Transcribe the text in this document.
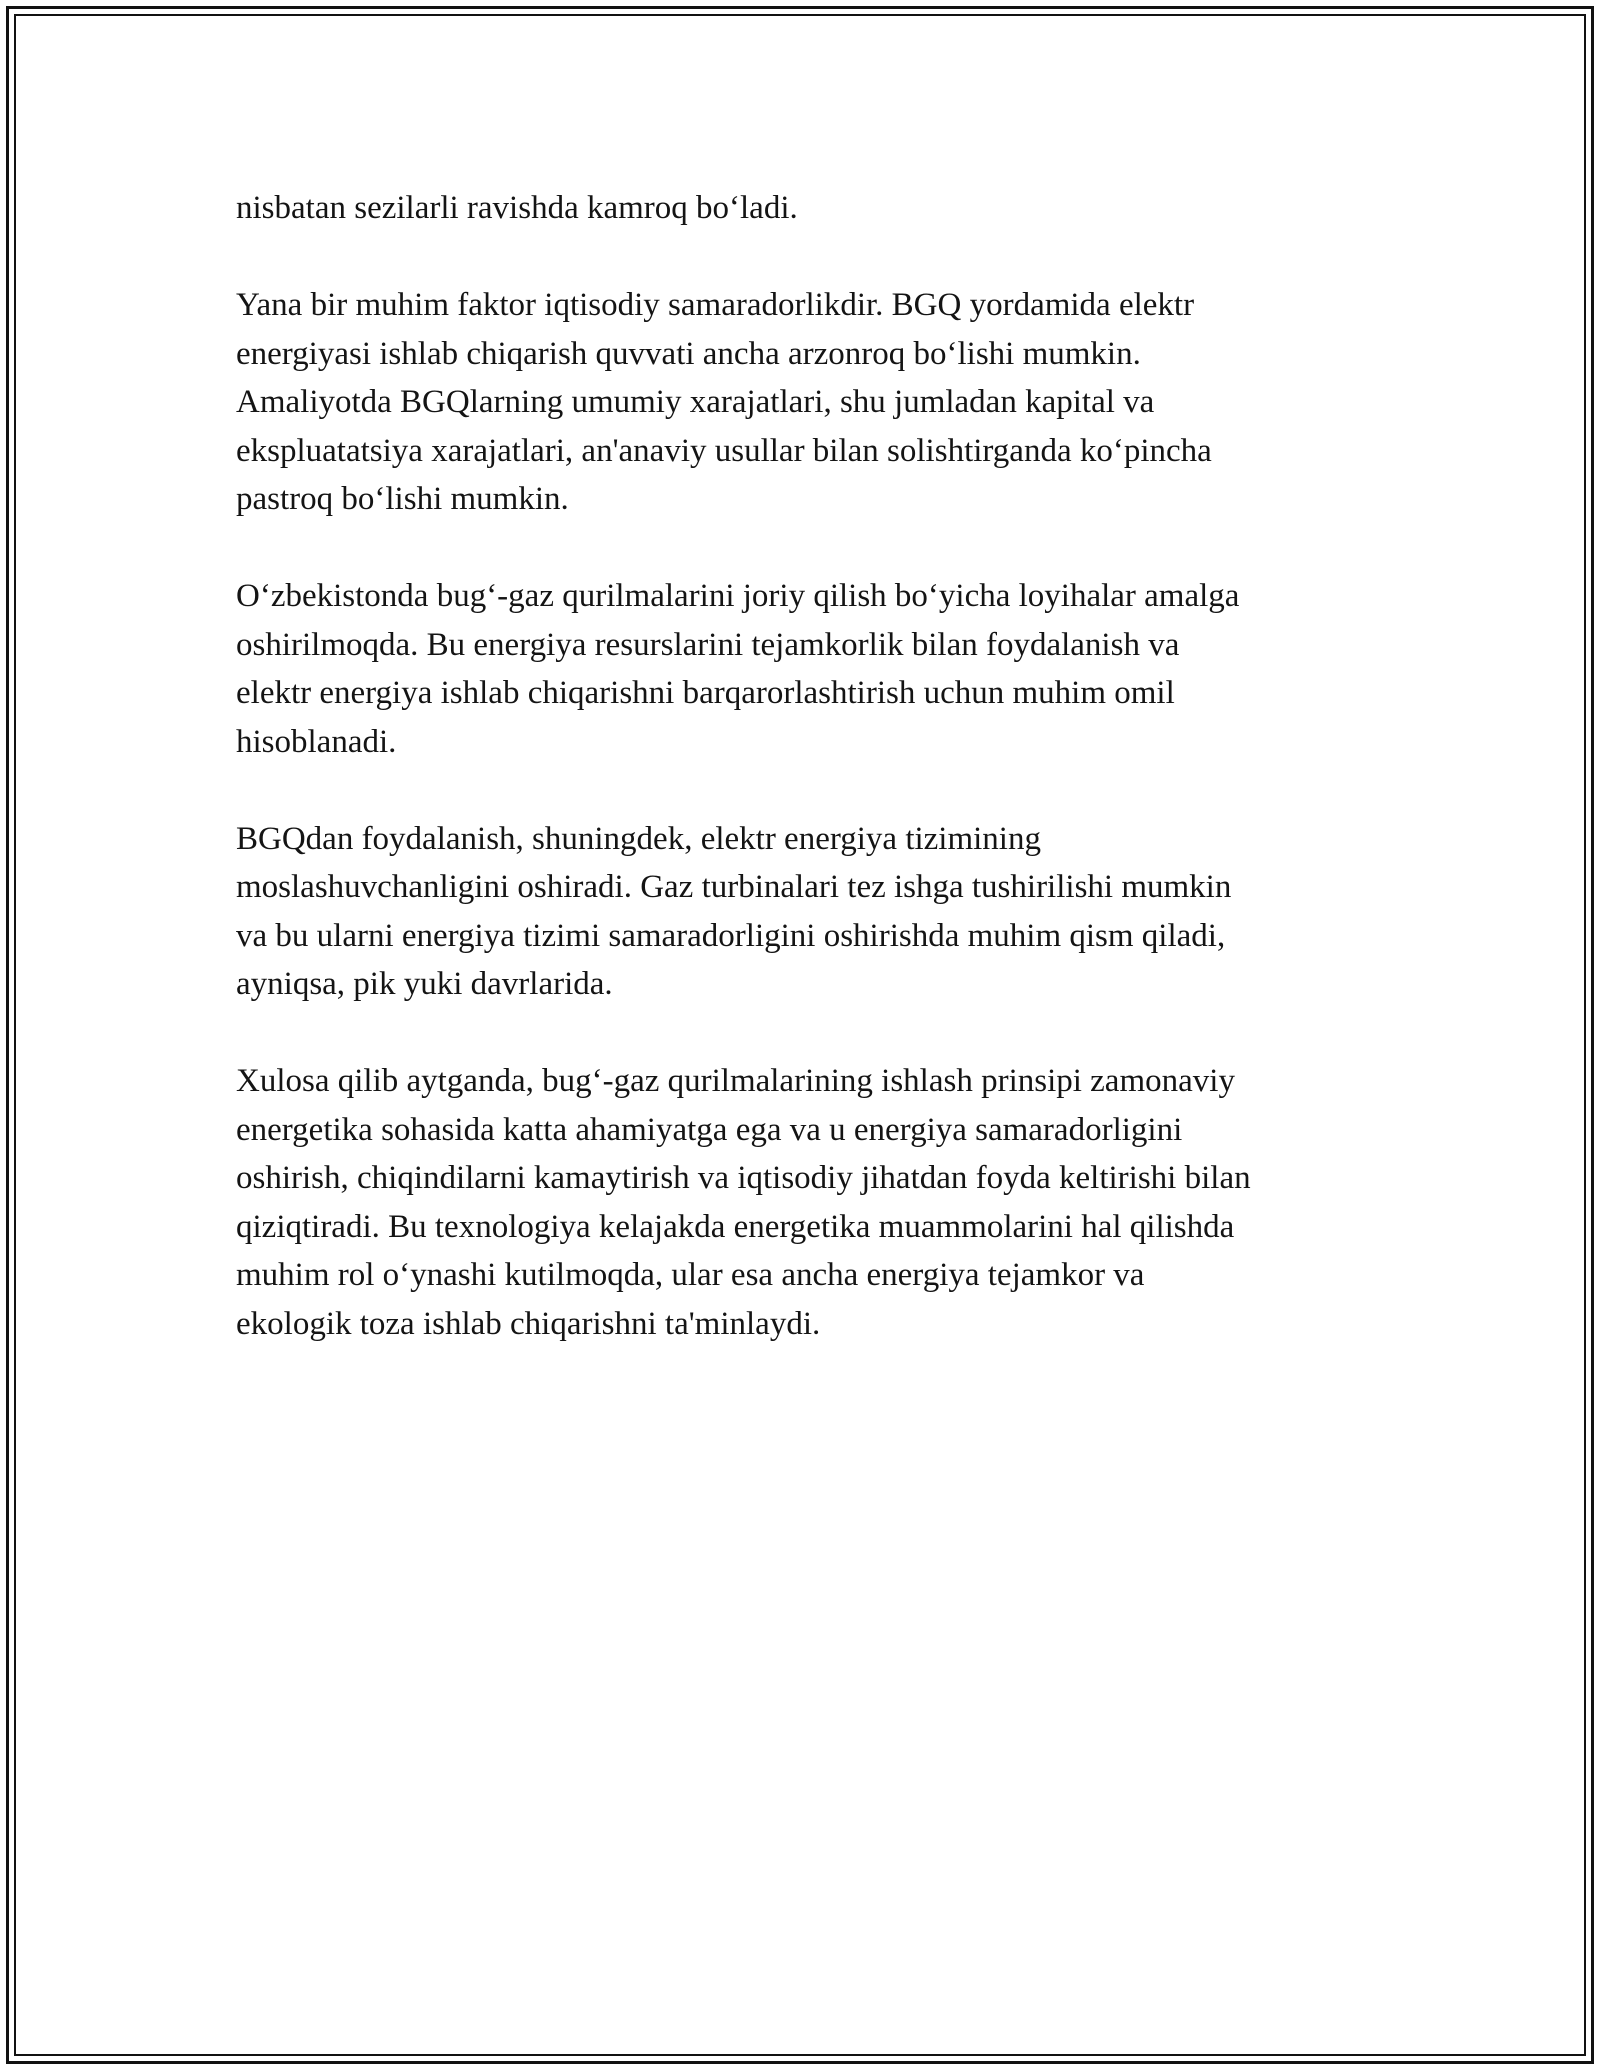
nisbatan sezilarli ravishda kamroq bo‘ladi.

Yana bir muhim faktor iqtisodiy samaradorlikdir. BGQ yordamida elektr
energiyasi ishlab chiqarish quvvati ancha arzonroq bo‘lishi mumkin.
Amaliyotda BGQlarning umumiy xarajatlari, shu jumladan kapital va
ekspluatatsiya xarajatlari, an'anaviy usullar bilan solishtirganda ko‘pincha
pastroq bo‘lishi mumkin.

O‘zbekistonda bug‘-gaz qurilmalarini joriy qilish bo‘yicha loyihalar amalga
oshirilmoqda. Bu energiya resurslarini tejamkorlik bilan foydalanish va
elektr energiya ishlab chiqarishni barqarorlashtirish uchun muhim omil
hisoblanadi.

BGQdan foydalanish, shuningdek, elektr energiya tizimining
moslashuvchanligini oshiradi. Gaz turbinalari tez ishga tushirilishi mumkin
va bu ularni energiya tizimi samaradorligini oshirishda muhim qism qiladi,
ayniqsa, pik yuki davrlarida.

Xulosa qilib aytganda, bug‘-gaz qurilmalarining ishlash prinsipi zamonaviy
energetika sohasida katta ahamiyatga ega va u energiya samaradorligini
oshirish, chiqindilarni kamaytirish va iqtisodiy jihatdan foyda keltirishi bilan
qiziqtiradi. Bu texnologiya kelajakda energetika muammolarini hal qilishda
muhim rol o‘ynashi kutilmoqda, ular esa ancha energiya tejamkor va
ekologik toza ishlab chiqarishni ta'minlaydi.
